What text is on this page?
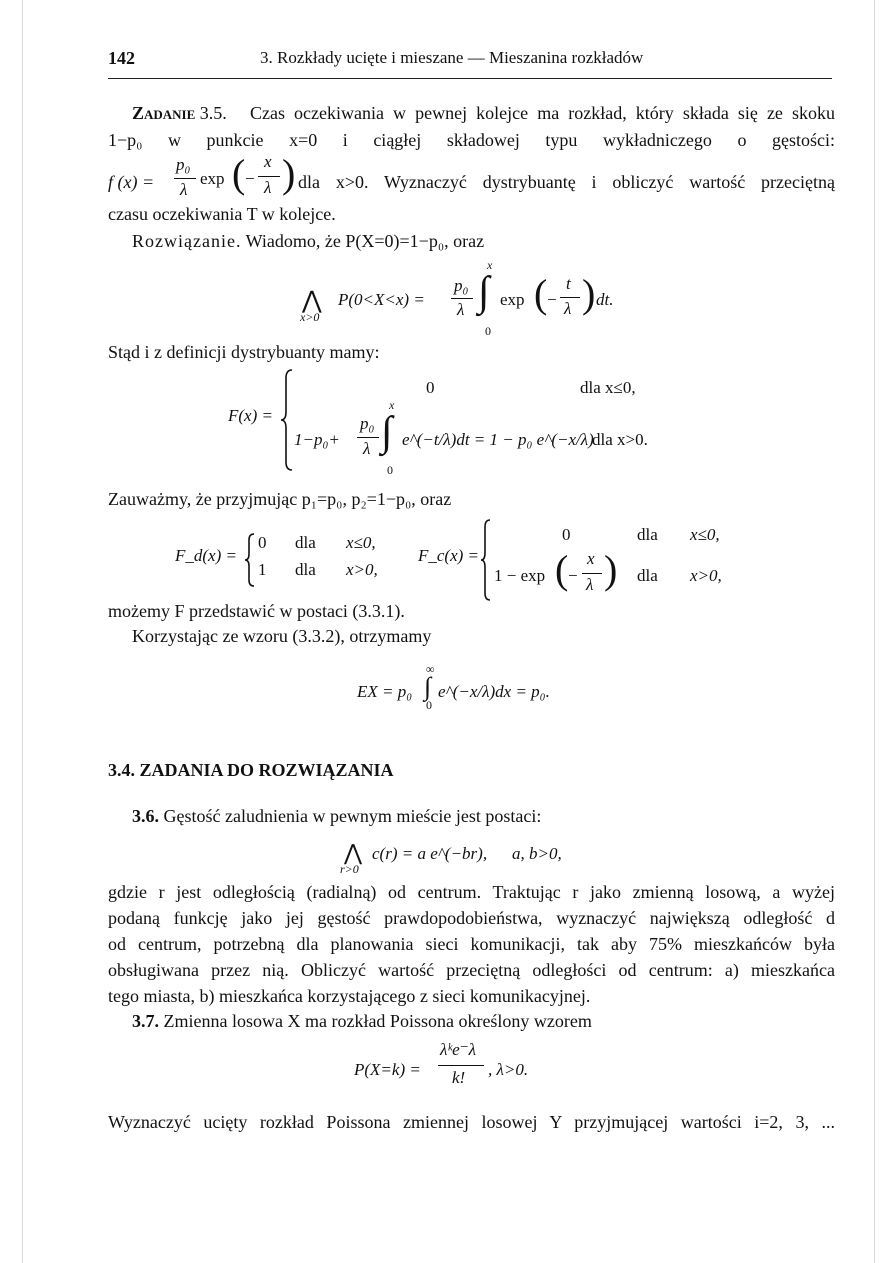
142	3. Rozkłady ucięte i mieszane — Mieszanina rozkładów
Zadanie 3.5. Czas oczekiwania w pewnej kolejce ma rozkład, który składa się ze skoku
1−p₀ w punkcie x=0 i ciągłej składowej typu wykładniczego o gęstości:
f (x) =
p₀
λ
exp ( −
x
λ ) dla x>0. Wyznaczyć dystrybuantę i obliczyć wartość przeciętną
czasu oczekiwania T w kolejce.
Rozwiązanie. Wiadomo, że P(X=0)=1−p₀, oraz
⋀
x>0
P(0<X<x) =
p₀
λ
x
∫
0
exp ( −
t
λ ) dt.
Stąd i z definicji dystrybuanty mamy:
F(x) =
0	dla x≤0,
1−p₀+
p₀
λ
x
∫
0
e^(−t/λ)dt = 1 − p₀ e^(−x/λ)
dla x>0.
Zauważmy, że przyjmując p₁=p₀, p₂=1−p₀, oraz
F_d(x) =
0 dla x≤0,
1 dla x>0,
F_c(x) =
0	dla x≤0,
1 − exp ( −
x
λ ) dla x>0,
możemy F przedstawić w postaci (3.3.1).
Korzystając ze wzoru (3.3.2), otrzymamy
EX = p₀
∞
∫
0
e^(−x/λ)dx = p₀.
3.4. ZADANIA DO ROZWIĄZANIA
3.6. Gęstość zaludnienia w pewnym mieście jest postaci:
⋀
r>0
c(r) = a e^(−br), a, b>0,
gdzie r jest odległością (radialną) od centrum. Traktując r jako zmienną losową, a wyżej
podaną funkcję jako jej gęstość prawdopodobieństwa, wyznaczyć największą odległość d
od centrum, potrzebną dla planowania sieci komunikacji, tak aby 75% mieszkańców była
obsługiwana przez nią. Obliczyć wartość przeciętną odległości od centrum: a) mieszkańca
tego miasta, b) mieszkańca korzystającego z sieci komunikacyjnej.
3.7. Zmienna losowa X ma rozkład Poissona określony wzorem
P(X=k) =
λᵏe⁻λ
k! , λ>0.
Wyznaczyć ucięty rozkład Poissona zmiennej losowej Y przyjmującej wartości i=2, 3, ...
